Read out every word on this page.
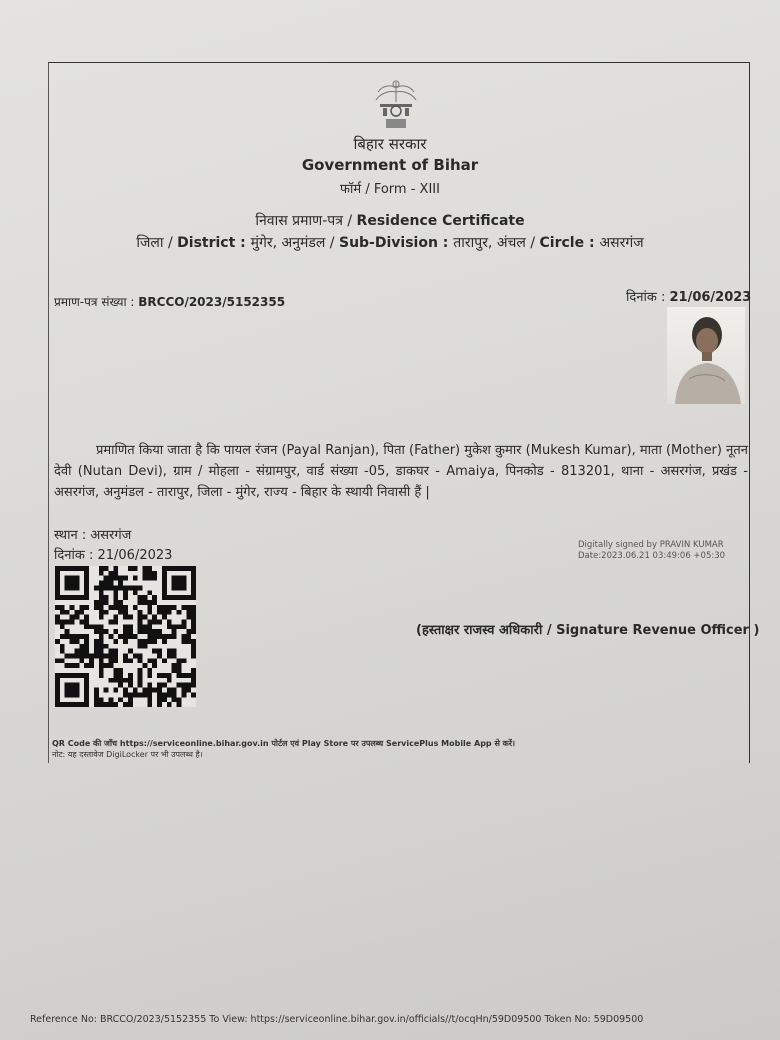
बिहार सरकार
Government of Bihar
फॉर्म / Form - XIII
निवास प्रमाण-पत्र / Residence Certificate
जिला / District : मुंगेर, अनुमंडल / Sub-Division : तारापुर, अंचल / Circle : असरगंज
प्रमाण-पत्र संख्या : BRCCO/2023/5152355	दिनांक : 21/06/2023
प्रमाणित किया जाता है कि पायल रंजन (Payal Ranjan), पिता (Father) मुकेश कुमार (Mukesh Kumar), माता (Mother) नूतन देवी (Nutan Devi), ग्राम / मोहला - संग्रामपुर, वार्ड संख्या -05, डाकघर - Amaiya, पिनकोड - 813201, थाना - असरगंज, प्रखंड - असरगंज, अनुमंडल - तारापुर, जिला - मुंगेर, राज्य - बिहार के स्थायी निवासी हैं |
स्थान : असरगंज
दिनांक : 21/06/2023
Digitally signed by PRAVIN KUMAR
Date:2023.06.21 03:49:06 +05:30
(हस्ताक्षर राजस्व अधिकारी / Signature Revenue Officer )
QR Code की जाँच https://serviceonline.bihar.gov.in पोर्टल एवं Play Store पर उपलब्ध ServicePlus Mobile App से करें।
नोट: यह दस्तावेज DigiLocker पर भी उपलब्ध है।
Reference No: BRCCO/2023/5152355 To View: https://serviceonline.bihar.gov.in/officials//t/ocqHn/59D09500 Token No: 59D09500
